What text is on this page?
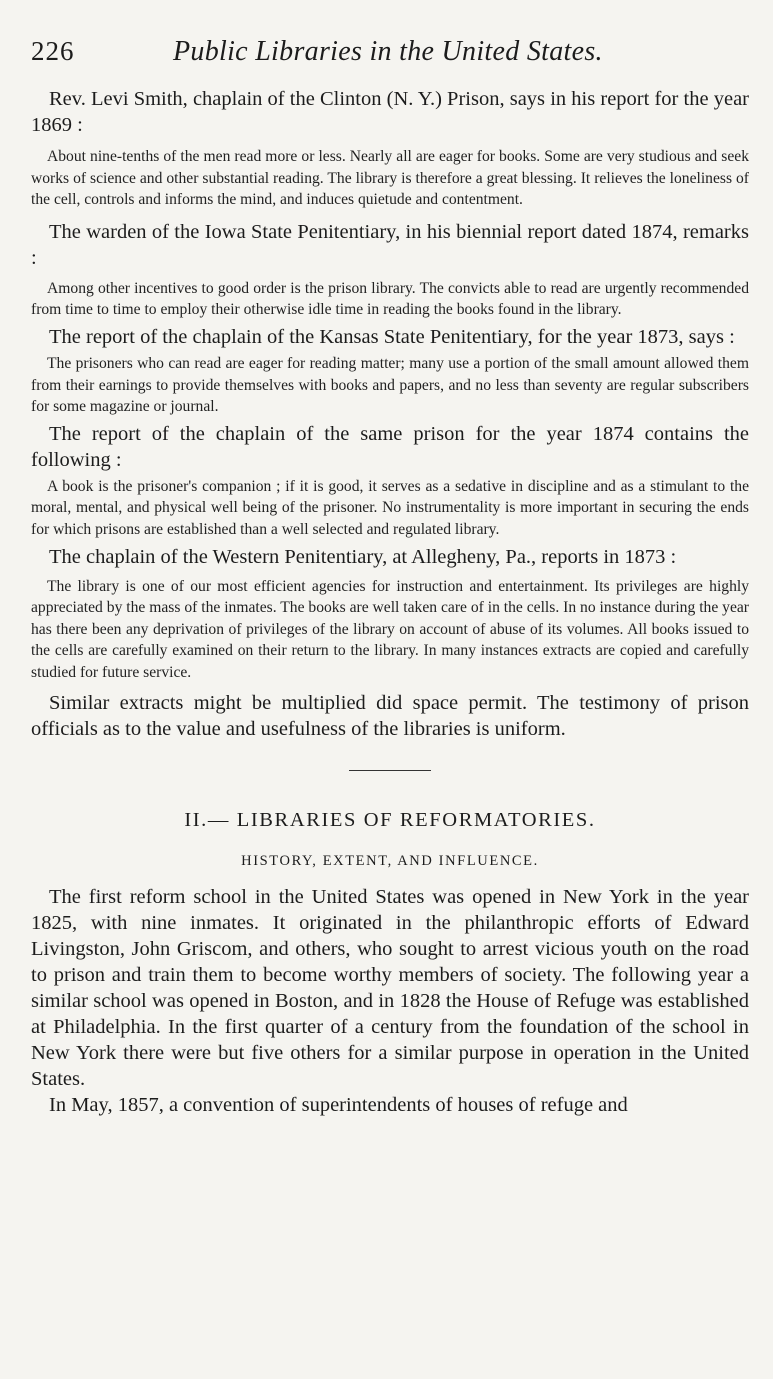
226	Public Libraries in the United States.

Rev. Levi Smith, chaplain of the Clinton (N. Y.) Prison, says in his report for the year 1869 :

About nine-tenths of the men read more or less. Nearly all are eager for books. Some are very studious and seek works of science and other substantial reading. The library is therefore a great blessing. It relieves the loneliness of the cell, controls and informs the mind, and induces quietude and contentment.

The warden of the Iowa State Penitentiary, in his biennial report dated 1874, remarks :

Among other incentives to good order is the prison library. The convicts able to read are urgently recommended from time to time to employ their otherwise idle time in reading the books found in the library.

The report of the chaplain of the Kansas State Penitentiary, for the year 1873, says :

The prisoners who can read are eager for reading matter; many use a portion of the small amount allowed them from their earnings to provide themselves with books and papers, and no less than seventy are regular subscribers for some magazine or journal.

The report of the chaplain of the same prison for the year 1874 contains the following :

A book is the prisoner's companion ; if it is good, it serves as a sedative in discipline and as a stimulant to the moral, mental, and physical well being of the prisoner. No instrumentality is more important in securing the ends for which prisons are established than a well selected and regulated library.

The chaplain of the Western Penitentiary, at Allegheny, Pa., reports in 1873 :

The library is one of our most efficient agencies for instruction and entertainment. Its privileges are highly appreciated by the mass of the inmates. The books are well taken care of in the cells. In no instance during the year has there been any deprivation of privileges of the library on account of abuse of its volumes. All books issued to the cells are carefully examined on their return to the library. In many instances extracts are copied and carefully studied for future service.

Similar extracts might be multiplied did space permit. The testimony of prison officials as to the value and usefulness of the libraries is uniform.

II.— LIBRARIES OF REFORMATORIES.
HISTORY, EXTENT, AND INFLUENCE.

The first reform school in the United States was opened in New York in the year 1825, with nine inmates. It originated in the philanthropic efforts of Edward Livingston, John Griscom, and others, who sought to arrest vicious youth on the road to prison and train them to become worthy members of society. The following year a similar school was opened in Boston, and in 1828 the House of Refuge was established at Philadelphia. In the first quarter of a century from the foundation of the school in New York there were but five others for a similar purpose in operation in the United States.

In May, 1857, a convention of superintendents of houses of refuge and
